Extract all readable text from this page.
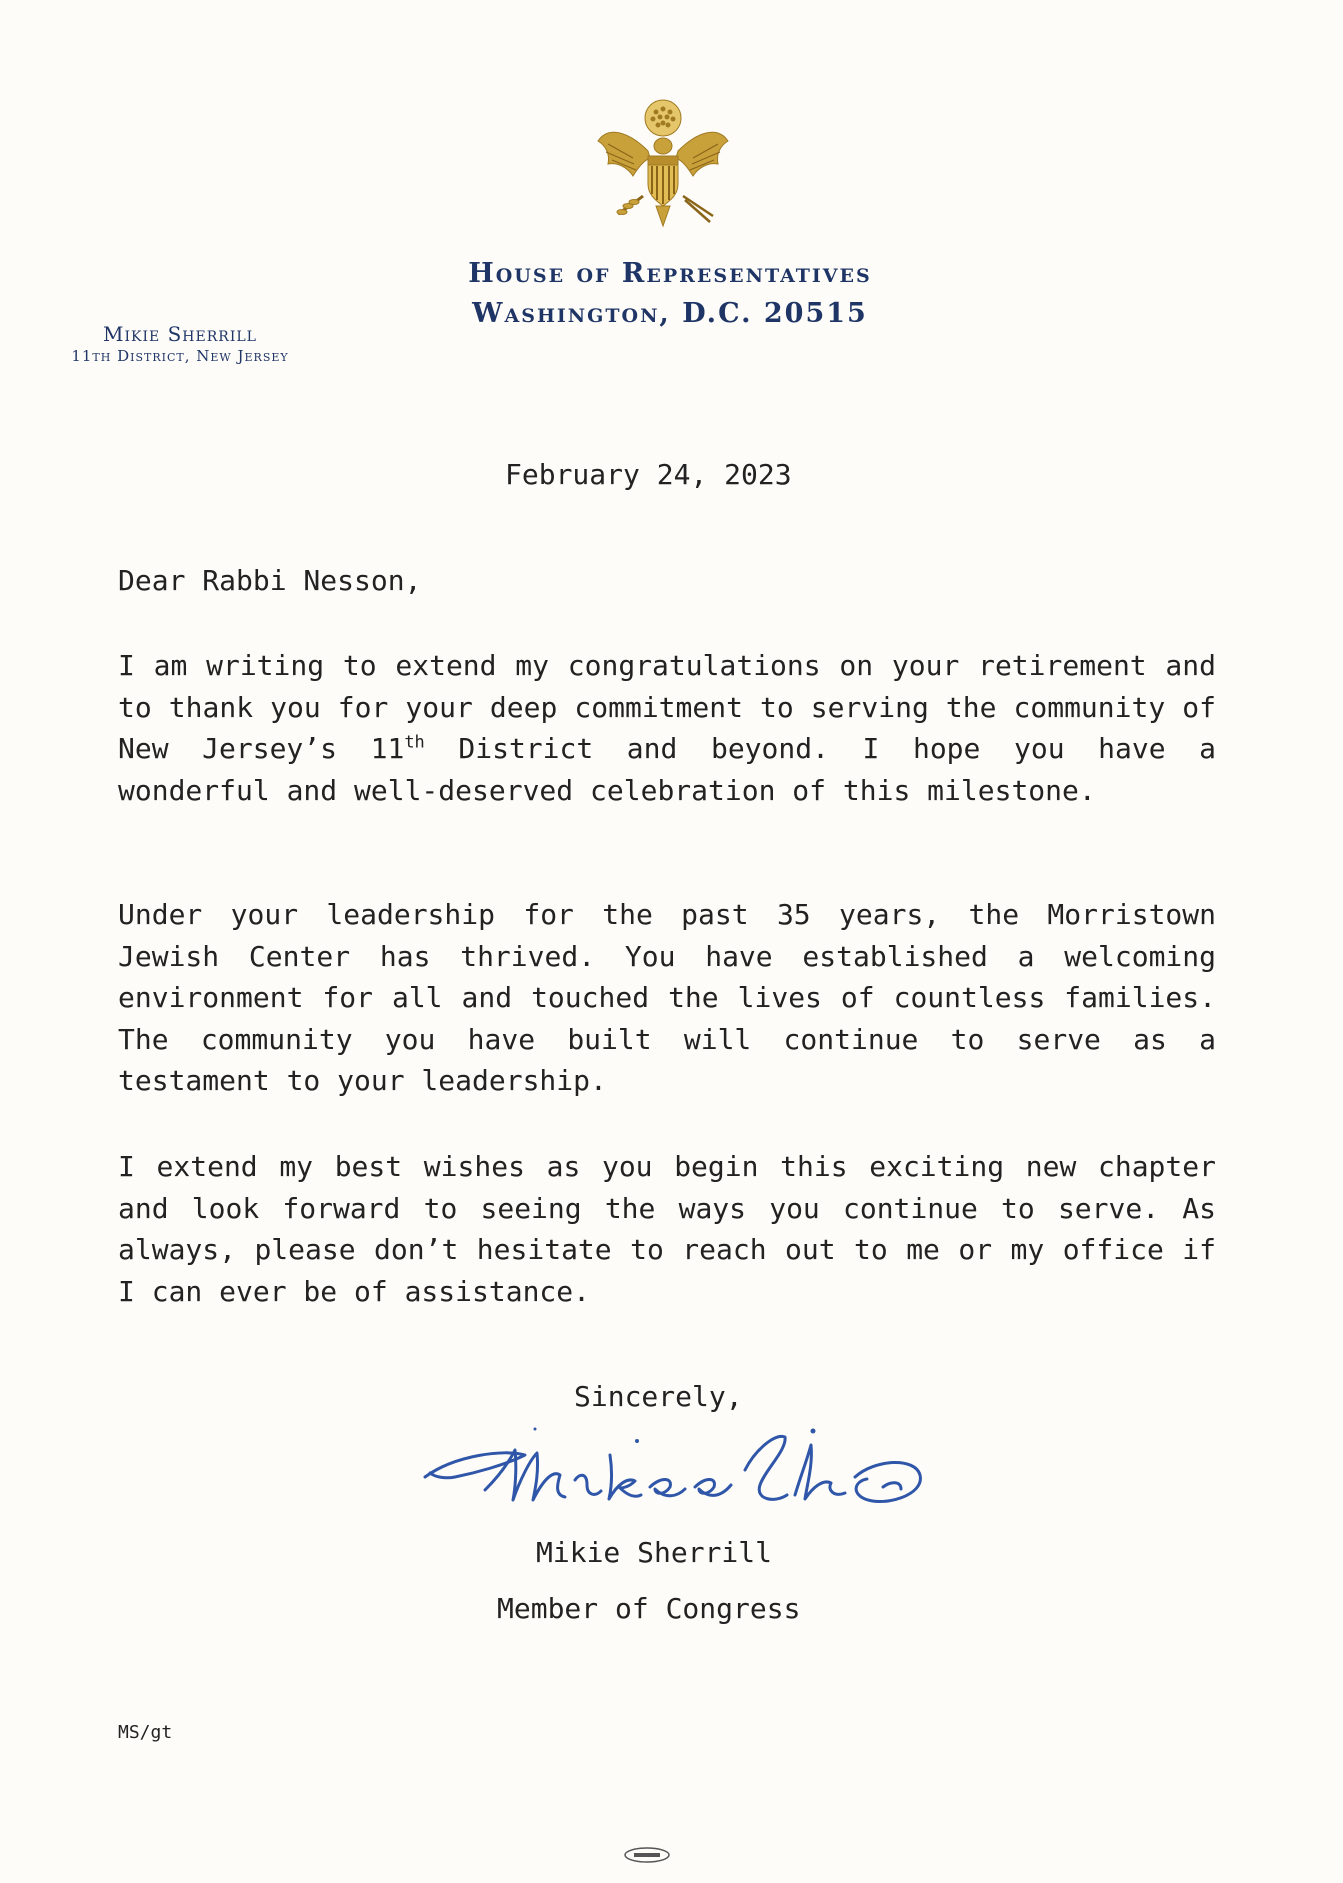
House of Representatives

Washington, D.C. 20515

Mikie Sherrill

11th District, New Jersey

February 24, 2023

Dear Rabbi Nesson,

I am writing to extend my congratulations on your retirement and to thank you for your deep commitment to serving the community of New Jersey’s 11th District and beyond. I hope you have a wonderful and well-deserved celebration of this milestone.

Under your leadership for the past 35 years, the Morristown Jewish Center has thrived. You have established a welcoming environment for all and touched the lives of countless families. The community you have built will continue to serve as a testament to your leadership.

I extend my best wishes as you begin this exciting new chapter and look forward to seeing the ways you continue to serve. As always, please don’t hesitate to reach out to me or my office if I can ever be of assistance.

Sincerely,

Mikie Sherrill

Member of Congress

MS/gt
